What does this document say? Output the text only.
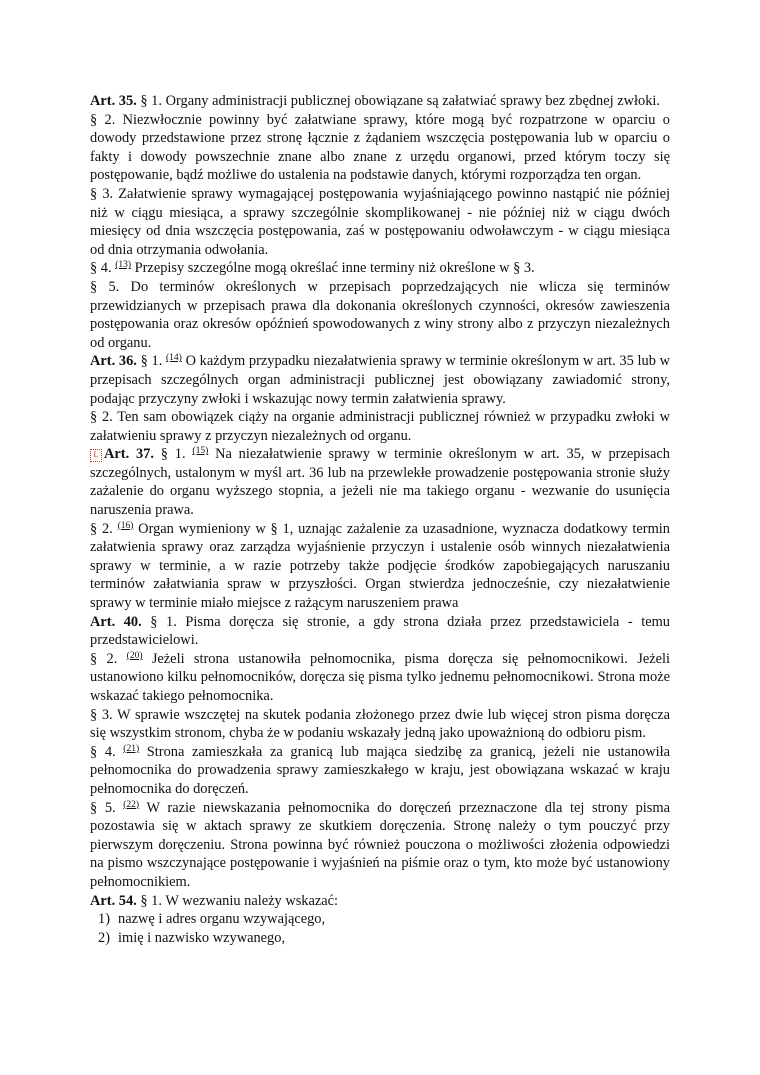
Art. 35. § 1. Organy administracji publicznej obowiązane są załatwiać sprawy bez zbędnej zwłoki.

§ 2. Niezwłocznie powinny być załatwiane sprawy, które mogą być rozpatrzone w oparciu o dowody przedstawione przez stronę łącznie z żądaniem wszczęcia postępowania lub w oparciu o fakty i dowody powszechnie znane albo znane z urzędu organowi, przed którym toczy się postępowanie, bądź możliwe do ustalenia na podstawie danych, którymi rozporządza ten organ.

§ 3. Załatwienie sprawy wymagającej postępowania wyjaśniającego powinno nastąpić nie później niż w ciągu miesiąca, a sprawy szczególnie skomplikowanej - nie później niż w ciągu dwóch miesięcy od dnia wszczęcia postępowania, zaś w postępowaniu odwoławczym - w ciągu miesiąca od dnia otrzymania odwołania.

§ 4. $^{(13)}$ Przepisy szczególne mogą określać inne terminy niż określone w § 3.

§ 5. Do terminów określonych w przepisach poprzedzających nie wlicza się terminów przewidzianych w przepisach prawa dla dokonania określonych czynności, okresów zawieszenia postępowania oraz okresów opóźnień spowodowanych z winy strony albo z przyczyn niezależnych od organu.

Art. 36. § 1. $^{(14)}$ O każdym przypadku niezałatwienia sprawy w terminie określonym w art. 35 lub w przepisach szczególnych organ administracji publicznej jest obowiązany zawiadomić strony, podając przyczyny zwłoki i wskazując nowy termin załatwienia sprawy.

§ 2. Ten sam obowiązek ciąży na organie administracji publicznej również w przypadku zwłoki w załatwieniu sprawy z przyczyn niezależnych od organu.

L Art. 37. § 1. $^{(15)}$ Na niezałatwienie sprawy w terminie określonym w art. 35, w przepisach szczególnych, ustalonym w myśl art. 36 lub na przewlekłe prowadzenie postępowania stronie służy zażalenie do organu wyższego stopnia, a jeżeli nie ma takiego organu - wezwanie do usunięcia naruszenia prawa.

§ 2. $^{(16)}$ Organ wymieniony w § 1, uznając zażalenie za uzasadnione, wyznacza dodatkowy termin załatwienia sprawy oraz zarządza wyjaśnienie przyczyn i ustalenie osób winnych niezałatwienia sprawy w terminie, a w razie potrzeby także podjęcie środków zapobiegających naruszaniu terminów załatwiania spraw w przyszłości. Organ stwierdza jednocześnie, czy niezałatwienie sprawy w terminie miało miejsce z rażącym naruszeniem prawa

Art. 40. § 1. Pisma doręcza się stronie, a gdy strona działa przez przedstawiciela - temu przedstawicielowi.

§ 2. $^{(20)}$ Jeżeli strona ustanowiła pełnomocnika, pisma doręcza się pełnomocnikowi. Jeżeli ustanowiono kilku pełnomocników, doręcza się pisma tylko jednemu pełnomocnikowi. Strona może wskazać takiego pełnomocnika.

§ 3. W sprawie wszczętej na skutek podania złożonego przez dwie lub więcej stron pisma doręcza się wszystkim stronom, chyba że w podaniu wskazały jedną jako upoważnioną do odbioru pism.

§ 4. $^{(21)}$ Strona zamieszkała za granicą lub mająca siedzibę za granicą, jeżeli nie ustanowiła pełnomocnika do prowadzenia sprawy zamieszkałego w kraju, jest obowiązana wskazać w kraju pełnomocnika do doręczeń.

§ 5. $^{(22)}$ W razie niewskazania pełnomocnika do doręczeń przeznaczone dla tej strony pisma pozostawia się w aktach sprawy ze skutkiem doręczenia. Stronę należy o tym pouczyć przy pierwszym doręczeniu. Strona powinna być również pouczona o możliwości złożenia odpowiedzi na pismo wszczynające postępowanie i wyjaśnień na piśmie oraz o tym, kto może być ustanowiony pełnomocnikiem.

Art. 54. § 1. W wezwaniu należy wskazać:

1) nazwę i adres organu wzywającego,
2) imię i nazwisko wzywanego,
